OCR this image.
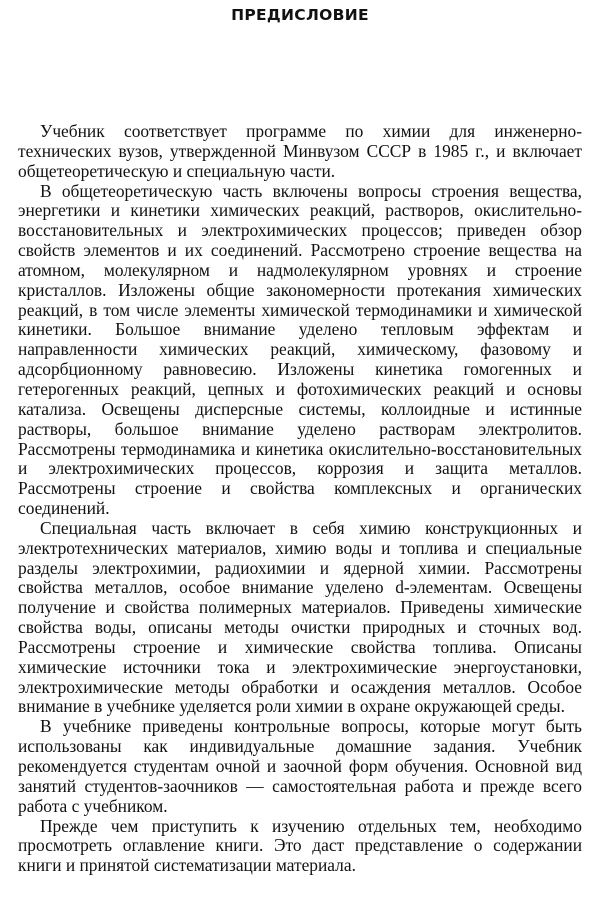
ПРЕДИСЛОВИЕ

Учебник соответствует программе по химии для инженерно-технических вузов, утвержденной Минвузом СССР в 1985 г., и включает общетеоретическую и специальную части.

В общетеоретическую часть включены вопросы строения вещества, энергетики и кинетики химических реакций, растворов, окислительно-восстановительных и электрохимических процессов; приведен обзор свойств элементов и их соединений. Рассмотрено строение вещества на атомном, молекулярном и надмолекулярном уровнях и строение кристаллов. Изложены общие закономерности протекания химических реакций, в том числе элементы химической термодинамики и химической кинетики. Большое внимание уделено тепловым эффектам и направленности химических реакций, химическому, фазовому и адсорбционному равновесию. Изложены кинетика гомогенных и гетерогенных реакций, цепных и фотохимических реакций и основы катализа. Освещены дисперсные системы, коллоидные и истинные растворы, большое внимание уделено растворам электролитов. Рассмотрены термодинамика и кинетика окислительно-восстановительных и электрохимических процессов, коррозия и защита металлов. Рассмотрены строение и свойства комплексных и органических соединений.

Специальная часть включает в себя химию конструкционных и электротехнических материалов, химию воды и топлива и специальные разделы электрохимии, радиохимии и ядерной химии. Рассмотрены свойства металлов, особое внимание уделено d-элементам. Освещены получение и свойства полимерных материалов. Приведены химические свойства воды, описаны методы очистки природных и сточных вод. Рассмотрены строение и химические свойства топлива. Описаны химические источники тока и электрохимические энергоустановки, электрохимические методы обработки и осаждения металлов. Особое внимание в учебнике уделяется роли химии в охране окружающей среды.

В учебнике приведены контрольные вопросы, которые могут быть использованы как индивидуальные домашние задания. Учебник рекомендуется студентам очной и заочной форм обучения. Основной вид занятий студентов-заочников — самостоятельная работа и прежде всего работа с учебником.

Прежде чем приступить к изучению отдельных тем, необходимо просмотреть оглавление книги. Это даст представление о содержании книги и принятой систематизации материала.
